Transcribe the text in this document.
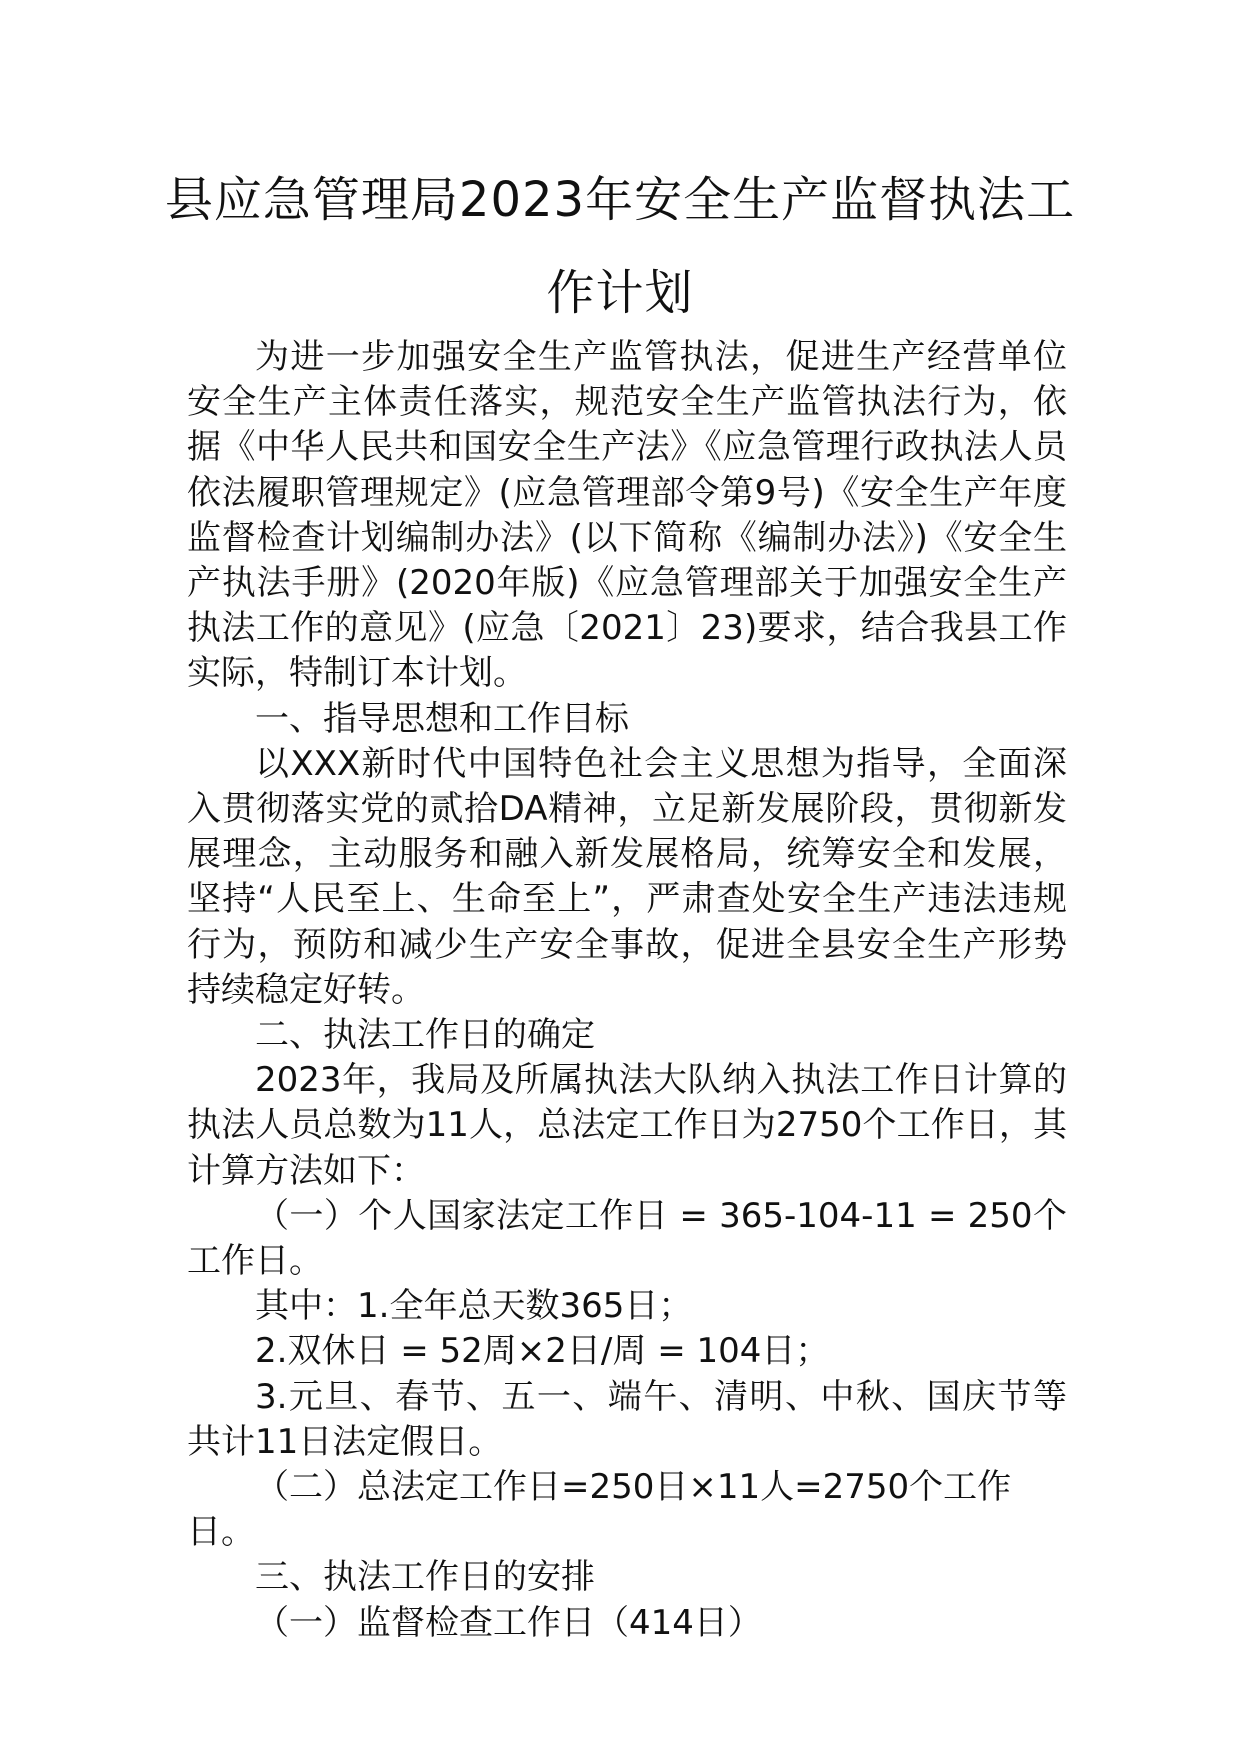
县应急管理局2023年安全生产监督执法工
作计划

为进一步加强安全生产监管执法，促进生产经营单位安全生产主体责任落实，规范安全生产监管执法行为，依据《中华人民共和国安全生产法》《应急管理行政执法人员依法履职管理规定》(应急管理部令第9号)《安全生产年度监督检查计划编制办法》(以下简称《编制办法》)《安全生产执法手册》(2020年版)《应急管理部关于加强安全生产执法工作的意见》(应急〔2021〕23)要求，结合我县工作实际，特制订本计划。

一、指导思想和工作目标

以XXX新时代中国特色社会主义思想为指导，全面深入贯彻落实党的贰拾DA精神，立足新发展阶段，贯彻新发展理念，主动服务和融入新发展格局，统筹安全和发展，坚持“人民至上、生命至上”，严肃查处安全生产违法违规行为，预防和减少生产安全事故，促进全县安全生产形势持续稳定好转。

二、执法工作日的确定

2023年，我局及所属执法大队纳入执法工作日计算的执法人员总数为11人，总法定工作日为2750个工作日，其计算方法如下：

（一）个人国家法定工作日 = 365-104-11 = 250个工作日。

其中：1.全年总天数365日；

2.双休日 = 52周×2日/周 = 104日；

3.元旦、春节、五一、端午、清明、中秋、国庆节等共计11日法定假日。

（二）总法定工作日=250日×11人=2750个工作日。

三、执法工作日的安排

（一）监督检查工作日（414日）
